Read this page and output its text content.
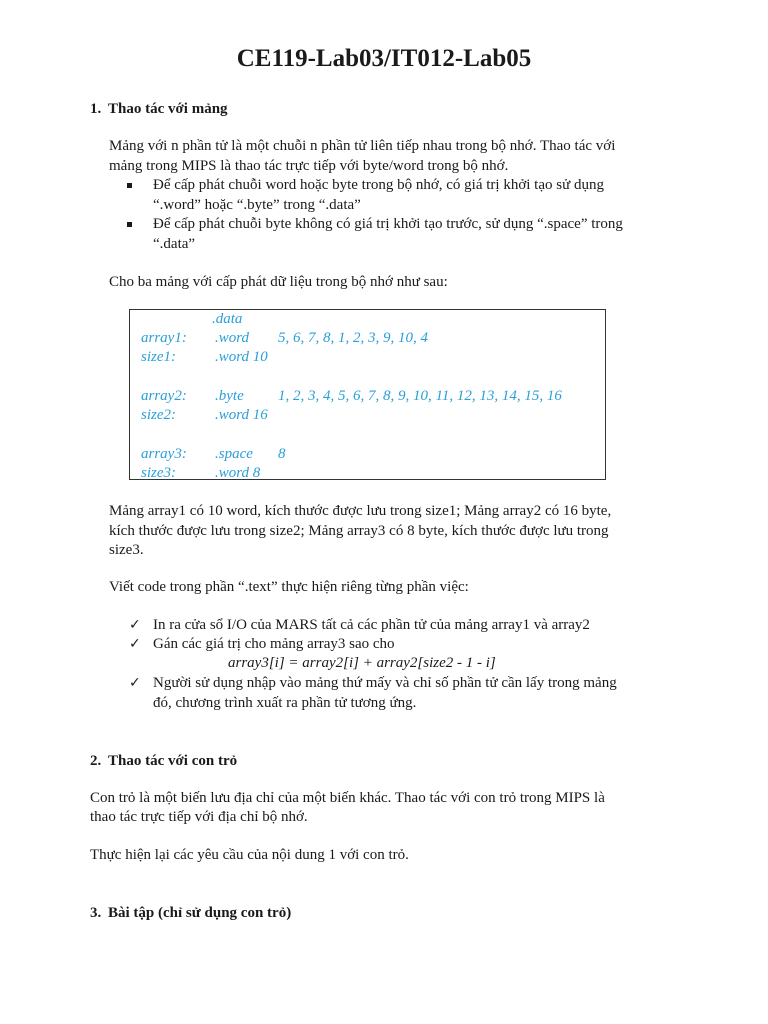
CE119-Lab03/IT012-Lab05

1. Thao tác với mảng

Mảng với n phần tử là một chuỗi n phần tử liên tiếp nhau trong bộ nhớ. Thao tác với

mảng trong MIPS là thao tác trực tiếp với byte/word trong bộ nhớ.

Để cấp phát chuỗi word hoặc byte trong bộ nhớ, có giá trị khởi tạo sử dụng
“.word” hoặc “.byte” trong “.data”
Để cấp phát chuỗi byte không có giá trị khởi tạo trước, sử dụng “.space” trong
“.data”

Cho ba mảng với cấp phát dữ liệu trong bộ nhớ như sau:

.data
array1: .word 5, 6, 7, 8, 1, 2, 3, 9, 10, 4
size1:	.word 10
array2: .byte 1, 2, 3, 4, 5, 6, 7, 8, 9, 10, 11, 12, 13, 14, 15, 16
size2:	.word 16
array3: .space 8
size3:	.word 8

Mảng array1 có 10 word, kích thước được lưu trong size1; Mảng array2 có 16 byte,

kích thước được lưu trong size2; Mảng array3 có 8 byte, kích thước được lưu trong

size3.

Viết code trong phần “.text” thực hiện riêng từng phần việc:

✓ In ra cửa sổ I/O của MARS tất cả các phần tử của mảng array1 và array2
✓ Gán các giá trị cho mảng array3 sao cho

array3[i] = array2[i] + array2[size2 - 1 - i]

✓ Người sử dụng nhập vào mảng thứ mấy và chỉ số phần tử cần lấy trong mảng
đó, chương trình xuất ra phần tử tương ứng.

2. Thao tác với con trỏ

Con trỏ là một biến lưu địa chỉ của một biến khác. Thao tác với con trỏ trong MIPS là

thao tác trực tiếp với địa chỉ bộ nhớ.

Thực hiện lại các yêu cầu của nội dung 1 với con trỏ.

3. Bài tập (chỉ sử dụng con trỏ)
